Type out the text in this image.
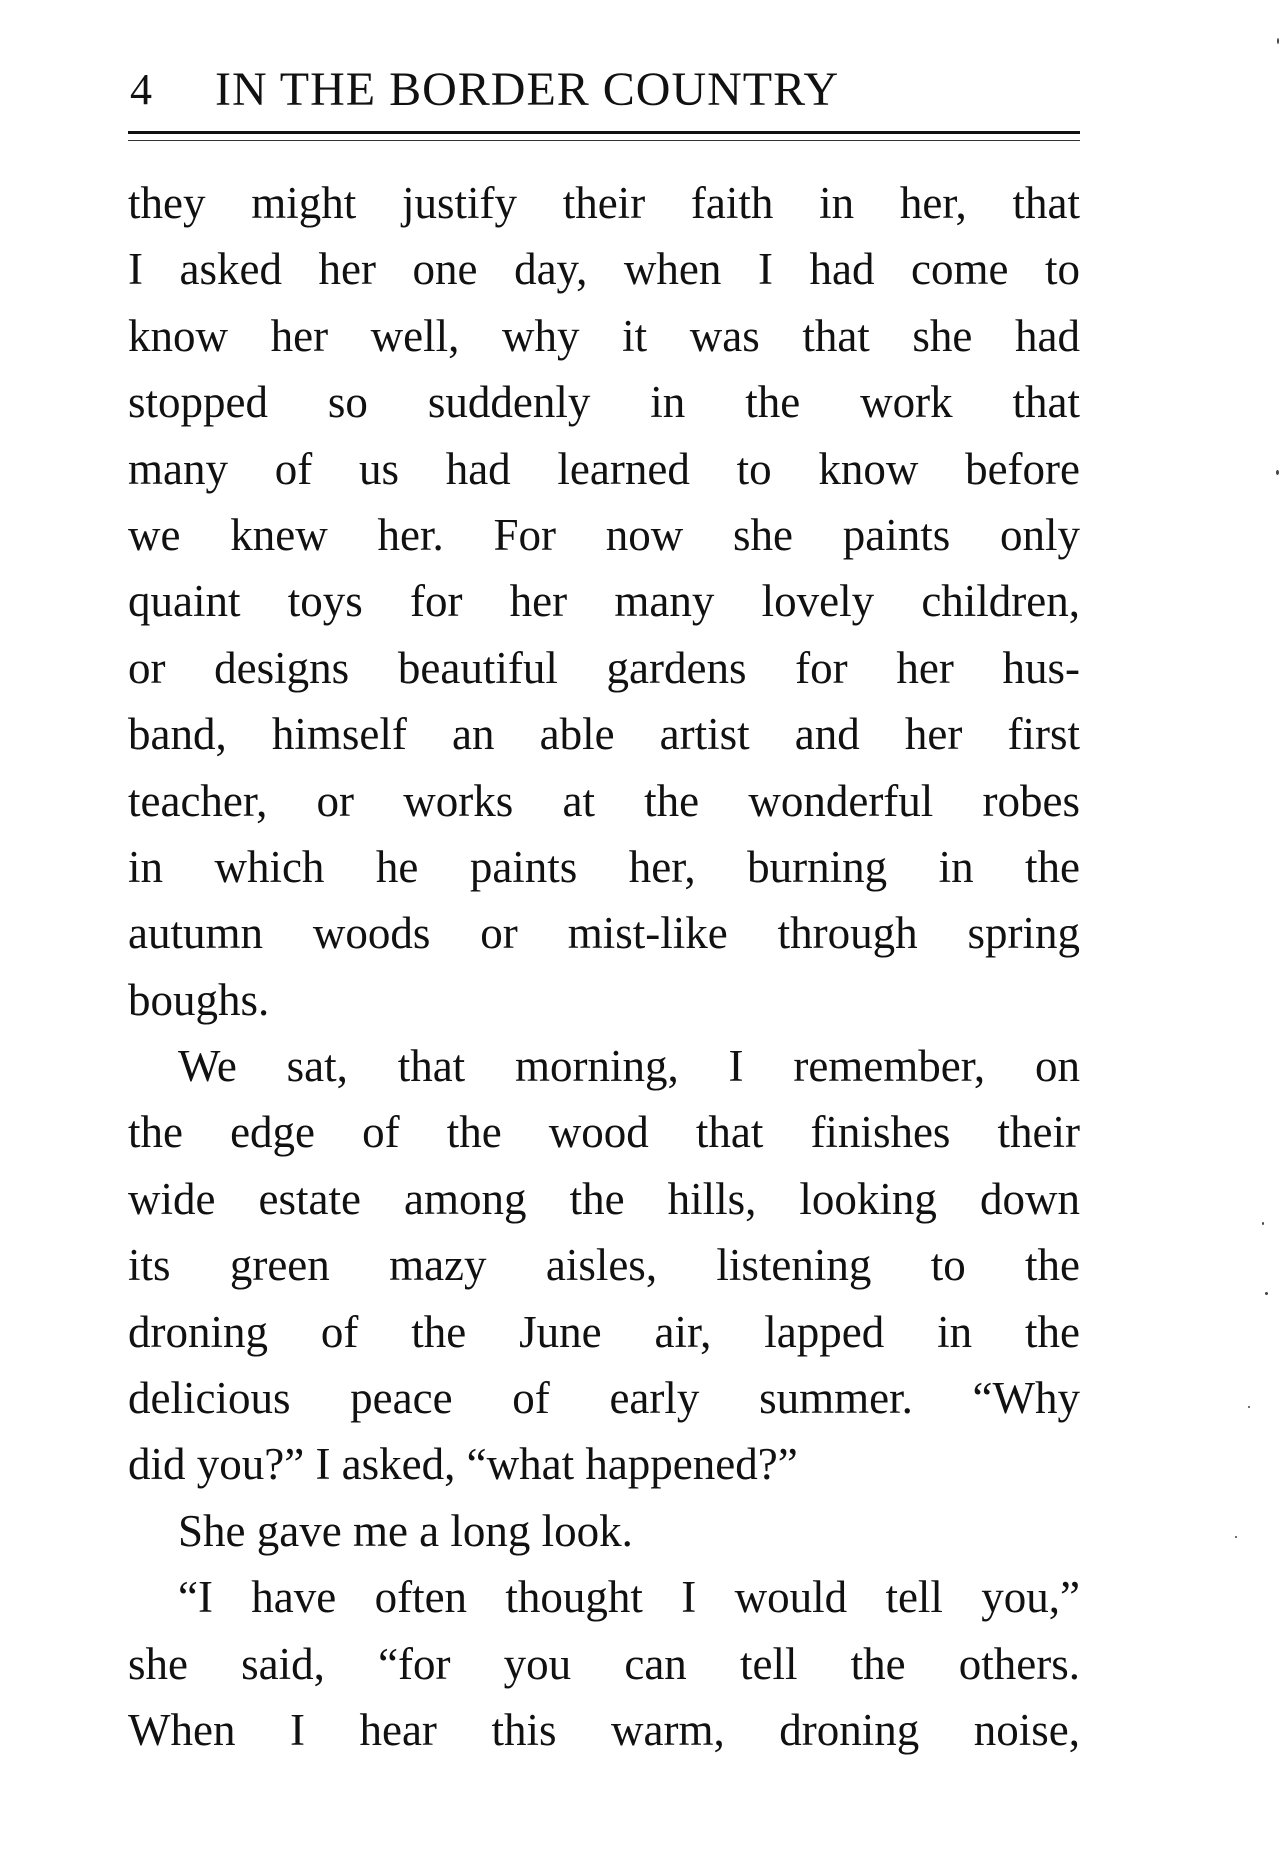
4 IN THE BORDER COUNTRY
they might justify their faith in her, that
I asked her one day, when I had come to
know her well, why it was that she had
stopped so suddenly in the work that
many of us had learned to know before
we knew her. For now she paints only
quaint toys for her many lovely children,
or designs beautiful gardens for her hus-
band, himself an able artist and her first
teacher, or works at the wonderful robes
in which he paints her, burning in the
autumn woods or mist-like through spring
boughs.
We sat, that morning, I remember, on
the edge of the wood that finishes their
wide estate among the hills, looking down
its green mazy aisles, listening to the
droning of the June air, lapped in the
delicious peace of early summer. “Why
did you?” I asked, “what happened?”
She gave me a long look.
“I have often thought I would tell you,”
she said, “for you can tell the others.
When I hear this warm, droning noise,
